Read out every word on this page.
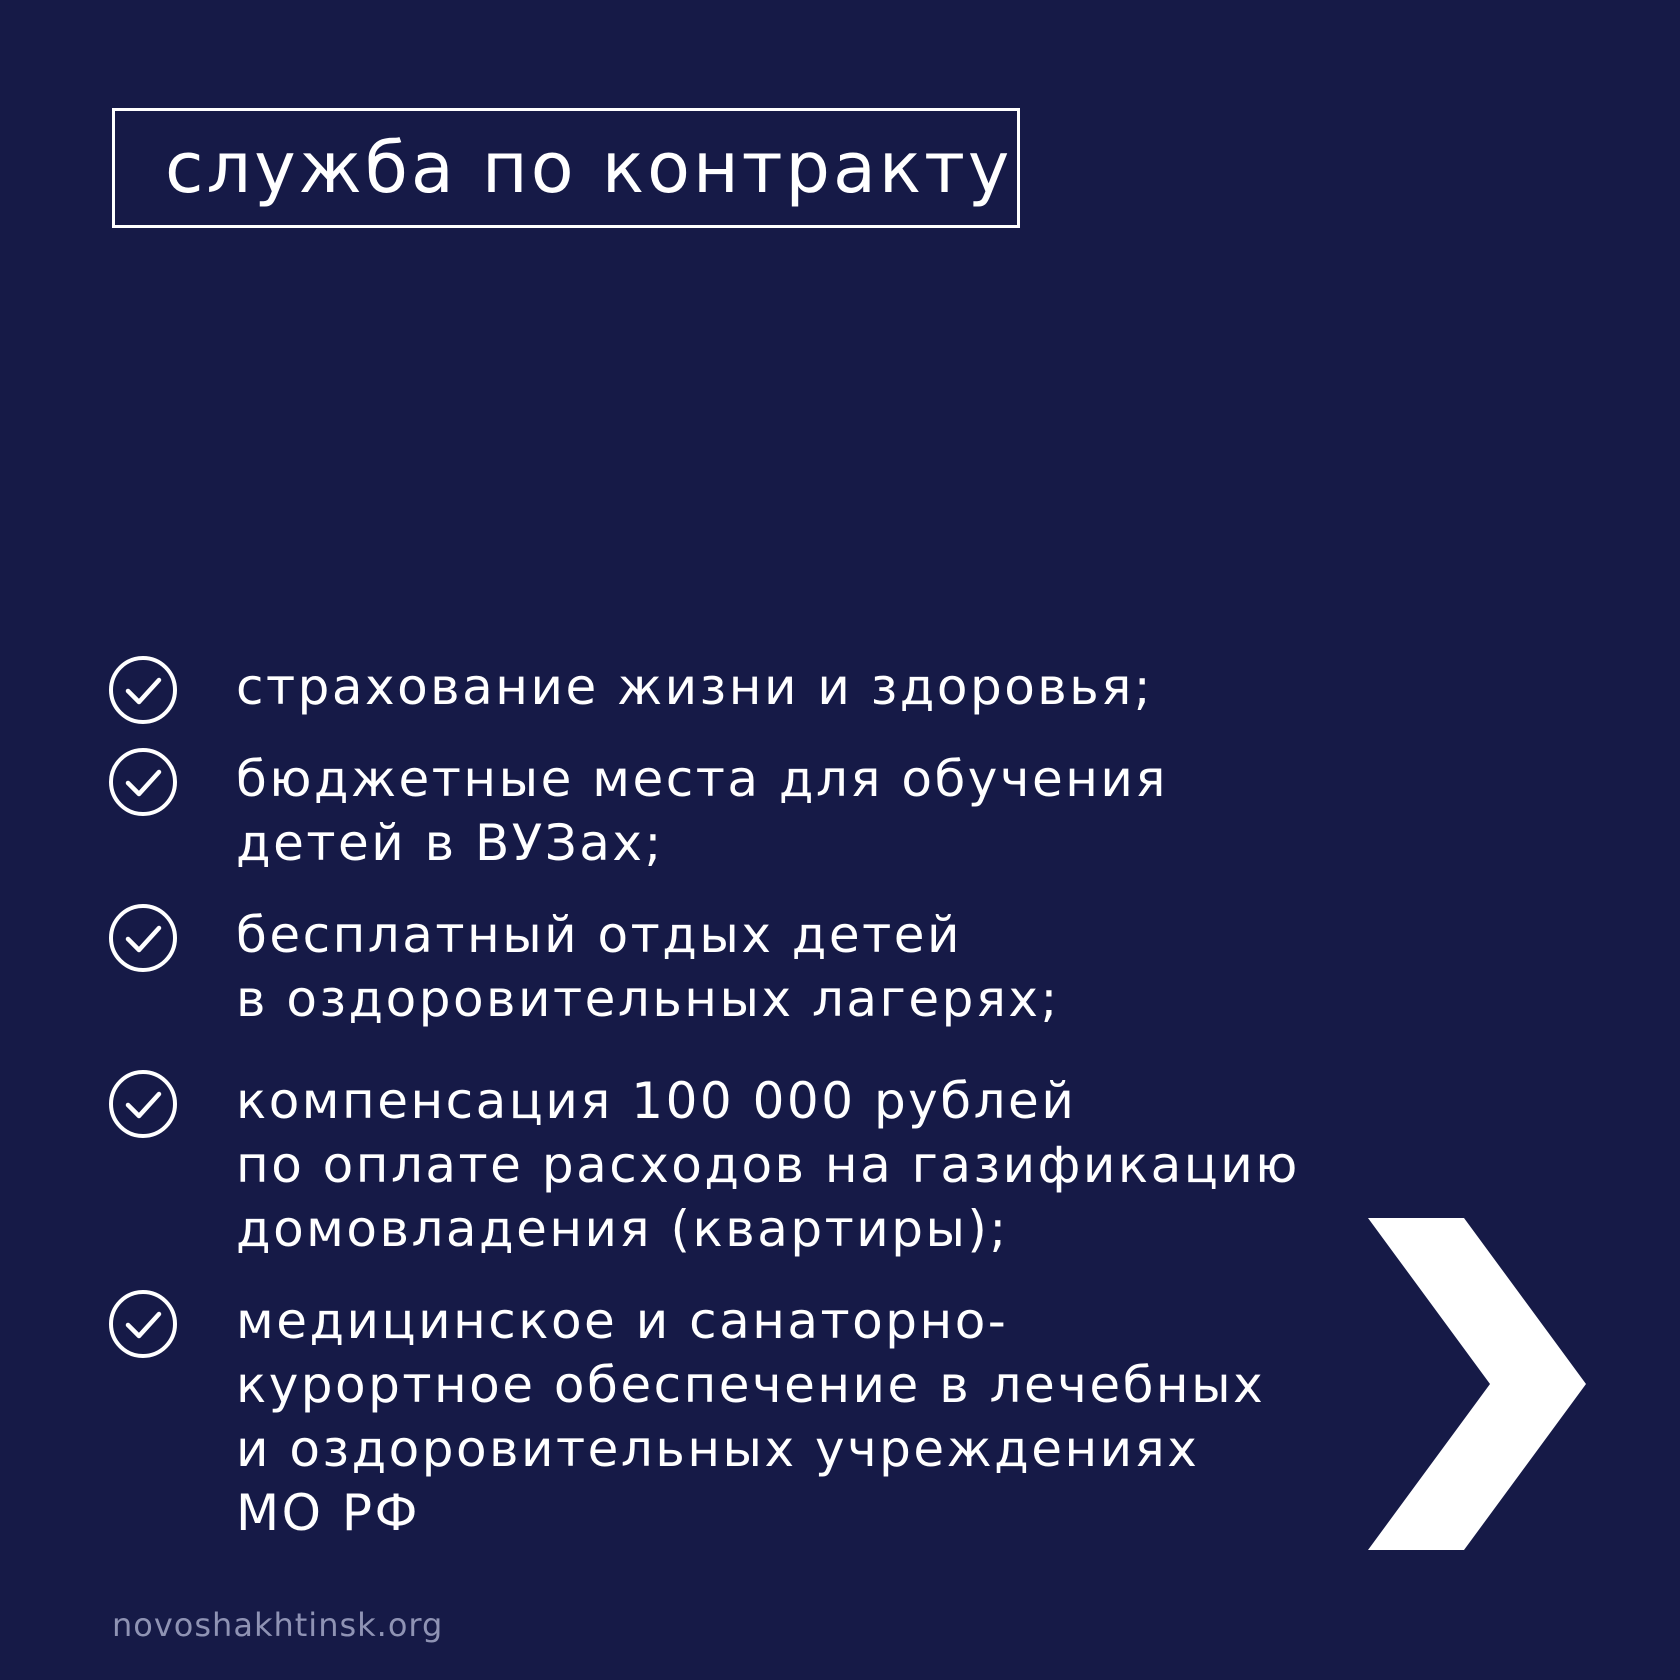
служба по контракту
страхование жизни и здоровья;
бюджетные места для обучения
детей в ВУЗах;
бесплатный отдых детей
в оздоровительных лагерях;
компенсация 100 000 рублей
по оплате расходов на газификацию
домовладения (квартиры);
медицинское и санаторно-
курортное обеспечение в лечебных
и оздоровительных учреждениях
МО РФ
novoshakhtinsk.org
